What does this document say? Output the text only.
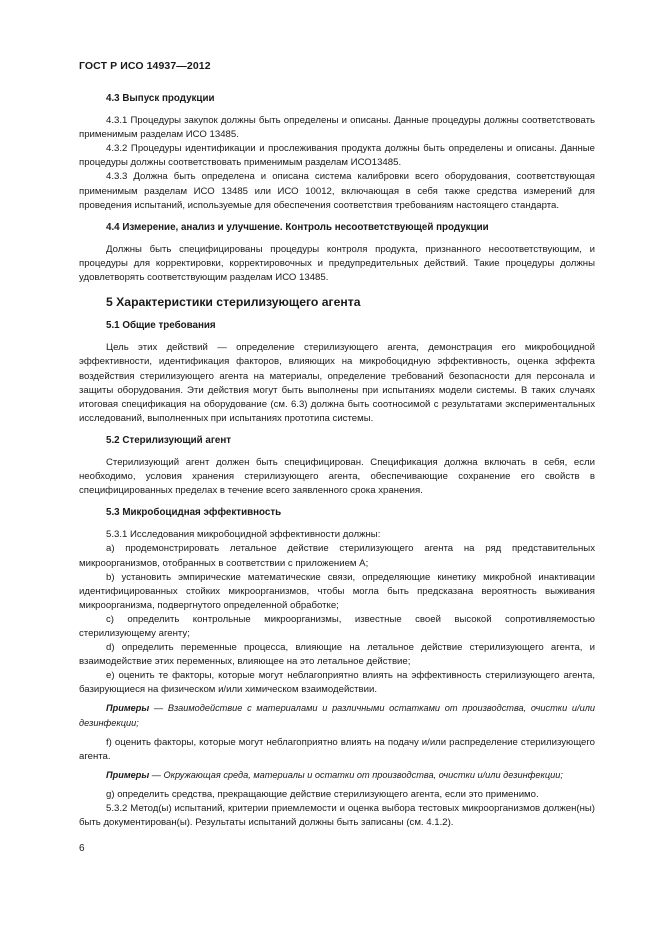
ГОСТ Р ИСО 14937—2012
4.3 Выпуск продукции

4.3.1 Процедуры закупок должны быть определены и описаны. Данные процедуры должны соответствовать применимым разделам ИСО 13485.

4.3.2 Процедуры идентификации и прослеживания продукта должны быть определены и описаны. Данные процедуры должны соответствовать применимым разделам ИСО13485.

4.3.3 Должна быть определена и описана система калибровки всего оборудования, соответствующая применимым разделам ИСО 13485 или ИСО 10012, включающая в себя также средства измерений для проведения испытаний, используемые для обеспечения соответствия требованиям настоящего стандарта.

4.4 Измерение, анализ и улучшение. Контроль несоответствующей продукции

Должны быть специфицированы процедуры контроля продукта, признанного несоответствующим, и процедуры для корректировки, корректировочных и предупредительных действий. Такие процедуры должны удовлетворять соответствующим разделам ИСО 13485.

5 Характеристики стерилизующего агента
5.1 Общие требования

Цель этих действий — определение стерилизующего агента, демонстрация его микробоцидной эффективности, идентификация факторов, влияющих на микробоцидную эффективность, оценка эффекта воздействия стерилизующего агента на материалы, определение требований безопасности для персонала и защиты оборудования. Эти действия могут быть выполнены при испытаниях модели системы. В таких случаях итоговая спецификация на оборудование (см. 6.3) должна быть соотносимой с результатами экспериментальных исследований, выполненных при испытаниях прототипа системы.

5.2 Стерилизующий агент

Стерилизующий агент должен быть специфицирован. Спецификация должна включать в себя, если необходимо, условия хранения стерилизующего агента, обеспечивающие сохранение его свойств в специфицированных пределах в течение всего заявленного срока хранения.

5.3 Микробоцидная эффективность

5.3.1 Исследования микробоцидной эффективности должны:

a) продемонстрировать летальное действие стерилизующего агента на ряд представительных микроорганизмов, отобранных в соответствии с приложением А;

b) установить эмпирические математические связи, определяющие кинетику микробной инактивации идентифицированных стойких микроорганизмов, чтобы могла быть предсказана вероятность выживания микроорганизма, подвергнутого определенной обработке;

c) определить контрольные микроорганизмы, известные своей высокой сопротивляемостью стерилизующему агенту;

d) определить переменные процесса, влияющие на летальное действие стерилизующего агента, и взаимодействие этих переменных, влияющее на это летальное действие;

e) оценить те факторы, которые могут неблагоприятно влиять на эффективность стерилизующего агента, базирующиеся на физическом и/или химическом взаимодействии.

Примеры — Взаимодействие с материалами и различными остатками от производства, очистки и/или дезинфекции;

f) оценить факторы, которые могут неблагоприятно влиять на подачу и/или распределение стерилизующего агента.

Примеры — Окружающая среда, материалы и остатки от производства, очистки и/или дезинфекции;

g) определить средства, прекращающие действие стерилизующего агента, если это применимо.

5.3.2 Метод(ы) испытаний, критерии приемлемости и оценка выбора тестовых микроорганизмов должен(ны) быть документирован(ы). Результаты испытаний должны быть записаны (см. 4.1.2).

6
